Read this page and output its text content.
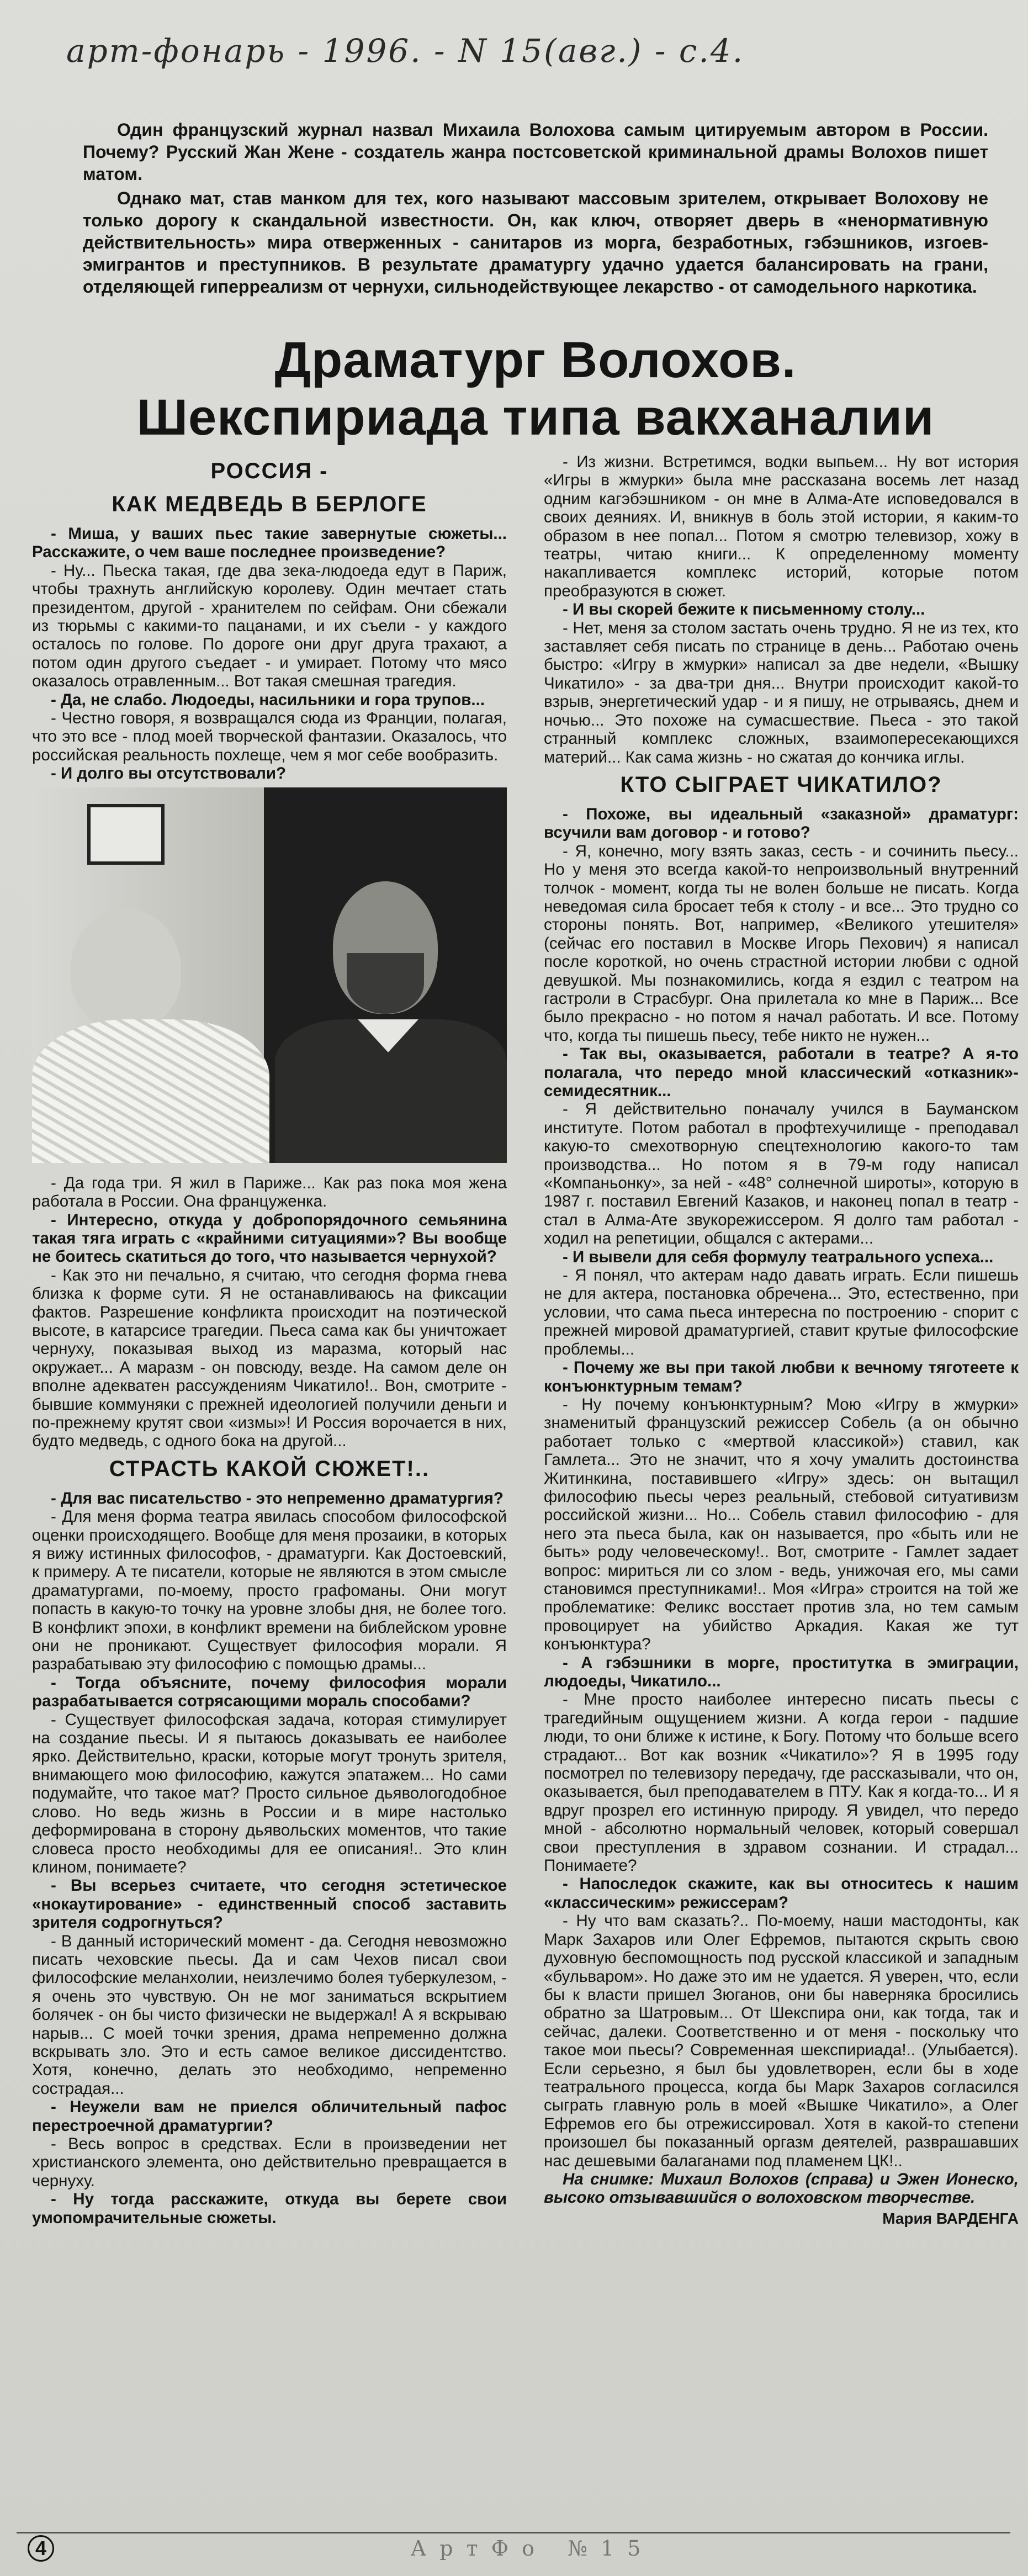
арт-фонарь - 1996. - N 15(авг.) - с.4.

Один французский журнал назвал Михаила Волохова самым цитируемым автором в России. Почему? Русский Жан Жене - создатель жанра постсоветской криминальной драмы Волохов пишет матом.

Однако мат, став манком для тех, кого называют массовым зрителем, открывает Волохову не только дорогу к скандальной известности. Он, как ключ, отворяет дверь в «ненормативную действительность» мира отверженных - санитаров из морга, безработных, гэбэшников, изгоев-эмигрантов и преступников. В результате драматургу удачно удается балансировать на грани, отделяющей гиперреализм от чернухи, сильнодействующее лекарство - от самодельного наркотика.

Драматург Волохов.
Шекспириада типа вакханалии
РОССИЯ -
КАК МЕДВЕДЬ В БЕРЛОГЕ

- Миша, у ваших пьес такие завернутые сюжеты... Расскажите, о чем ваше последнее произведение?

- Ну... Пьеска такая, где два зека-людоеда едут в Париж, чтобы трахнуть английскую королеву. Один мечтает стать президентом, другой - хранителем по сейфам. Они сбежали из тюрьмы с какими-то пацанами, и их съели - у каждого осталось по голове. По дороге они друг друга трахают, а потом один другого съедает - и умирает. Потому что мясо оказалось отравленным... Вот такая смешная трагедия.

- Да, не слабо. Людоеды, насильники и гора трупов...

- Честно говоря, я возвращался сюда из Франции, полагая, что это все - плод моей творческой фантазии. Оказалось, что российская реальность похлеще, чем я мог себе вообразить.

- И долго вы отсутствовали?

- Да года три. Я жил в Париже... Как раз пока моя жена работала в России. Она француженка.

- Интересно, откуда у добропорядочного семьянина такая тяга играть с «крайними ситуациями»? Вы вообще не боитесь скатиться до того, что называется чернухой?

- Как это ни печально, я считаю, что сегодня форма гнева близка к форме сути. Я не останавливаюсь на фиксации фактов. Разрешение конфликта происходит на поэтической высоте, в катарсисе трагедии. Пьеса сама как бы уничтожает чернуху, показывая выход из маразма, который нас окружает... А маразм - он повсюду, везде. На самом деле он вполне адекватен рассуждениям Чикатило!.. Вон, смотрите - бывшие коммуняки с прежней идеологией получили деньги и по-прежнему крутят свои «измы»! И Россия ворочается в них, будто медведь, с одного бока на другой...

СТРАСТЬ КАКОЙ СЮЖЕТ!..

- Для вас писательство - это непременно драматургия?

- Для меня форма театра явилась способом философской оценки происходящего. Вообще для меня прозаики, в которых я вижу истинных философов, - драматурги. Как Достоевский, к примеру. А те писатели, которые не являются в этом смысле драматургами, по-моему, просто графоманы. Они могут попасть в какую-то точку на уровне злобы дня, не более того. В конфликт эпохи, в конфликт времени на библейском уровне они не проникают. Существует философия морали. Я разрабатываю эту философию с помощью драмы...

- Тогда объясните, почему философия морали разрабатывается сотрясающими мораль способами?

- Существует философская задача, которая стимулирует на создание пьесы. И я пытаюсь доказывать ее наиболее ярко. Действительно, краски, которые могут тронуть зрителя, внимающего мою философию, кажутся эпатажем... Но сами подумайте, что такое мат? Просто сильное дьявологодобное слово. Но ведь жизнь в России и в мире настолько деформирована в сторону дьявольских моментов, что такие словеса просто необходимы для ее описания!.. Это клин клином, понимаете?

- Вы всерьез считаете, что сегодня эстетическое «нокаутирование» - единственный способ заставить зрителя содрогнуться?

- В данный исторический момент - да. Сегодня невозможно писать чеховские пьесы. Да и сам Чехов писал свои философские меланхолии, неизлечимо болея туберкулезом, - я очень это чувствую. Он не мог заниматься вскрытием болячек - он бы чисто физически не выдержал! А я вскрываю нарыв... С моей точки зрения, драма непременно должна вскрывать зло. Это и есть самое великое диссидентство. Хотя, конечно, делать это необходимо, непременно сострадая...

- Неужели вам не приелся обличительный пафос перестроечной драматургии?

- Весь вопрос в средствах. Если в произведении нет христианского элемента, оно действительно превращается в чернуху.

- Ну тогда расскажите, откуда вы берете свои умопомрачительные сюжеты.

- Из жизни. Встретимся, водки выпьем... Ну вот история «Игры в жмурки» была мне рассказана восемь лет назад одним кагэбэшником - он мне в Алма-Ате исповедовался в своих деяниях. И, вникнув в боль этой истории, я каким-то образом в нее попал... Потом я смотрю телевизор, хожу в театры, читаю книги... К определенному моменту накапливается комплекс историй, которые потом преобразуются в сюжет.

- И вы скорей бежите к письменному столу...

- Нет, меня за столом застать очень трудно. Я не из тех, кто заставляет себя писать по странице в день... Работаю очень быстро: «Игру в жмурки» написал за две недели, «Вышку Чикатило» - за два-три дня... Внутри происходит какой-то взрыв, энергетический удар - и я пишу, не отрываясь, днем и ночью... Это похоже на сумасшествие. Пьеса - это такой странный комплекс сложных, взаимопересекающихся материй... Как сама жизнь - но сжатая до кончика иглы.

КТО СЫГРАЕТ ЧИКАТИЛО?

- Похоже, вы идеальный «заказной» драматург: всучили вам договор - и готово?

- Я, конечно, могу взять заказ, сесть - и сочинить пьесу... Но у меня это всегда какой-то непроизвольный внутренний толчок - момент, когда ты не волен больше не писать. Когда неведомая сила бросает тебя к столу - и все... Это трудно со стороны понять. Вот, например, «Великого утешителя» (сейчас его поставил в Москве Игорь Пехович) я написал после короткой, но очень страстной истории любви с одной девушкой. Мы познакомились, когда я ездил с театром на гастроли в Страсбург. Она прилетала ко мне в Париж... Все было прекрасно - но потом я начал работать. И все. Потому что, когда ты пишешь пьесу, тебе никто не нужен...

- Так вы, оказывается, работали в театре? А я-то полагала, что передо мной классический «отказник»-семидесятник...

- Я действительно поначалу учился в Бауманском институте. Потом работал в профтехучилище - преподавал какую-то смехотворную спецтехнологию какого-то там производства... Но потом я в 79-м году написал «Компаньонку», за ней - «48° солнечной широты», которую в 1987 г. поставил Евгений Казаков, и наконец попал в театр - стал в Алма-Ате звукорежиссером. Я долго там работал - ходил на репетиции, общался с актерами...

- И вывели для себя формулу театрального успеха...

- Я понял, что актерам надо давать играть. Если пишешь не для актера, постановка обречена... Это, естественно, при условии, что сама пьеса интересна по построению - спорит с прежней мировой драматургией, ставит крутые философские проблемы...

- Почему же вы при такой любви к вечному тяготеете к конъюнктурным темам?

- Ну почему конъюнктурным? Мою «Игру в жмурки» знаменитый французский режиссер Собель (а он обычно работает только с «мертвой классикой») ставил, как Гамлета... Это не значит, что я хочу умалить достоинства Житинкина, поставившего «Игру» здесь: он вытащил философию пьесы через реальный, стебовой ситуативизм российской жизни... Но... Собель ставил философию - для него эта пьеса была, как он называется, про «быть или не быть» роду человеческому!.. Вот, смотрите - Гамлет задает вопрос: мириться ли со злом - ведь, унижочая его, мы сами становимся преступниками!.. Моя «Игра» строится на той же проблематике: Феликс восстает против зла, но тем самым провоцирует на убийство Аркадия. Какая же тут конъюнктура?

- А гэбэшники в морге, проститутка в эмиграции, людоеды, Чикатило...

- Мне просто наиболее интересно писать пьесы с трагедийным ощущением жизни. А когда герои - падшие люди, то они ближе к истине, к Богу. Потому что больше всего страдают... Вот как возник «Чикатило»? Я в 1995 году посмотрел по телевизору передачу, где рассказывали, что он, оказывается, был преподавателем в ПТУ. Как я когда-то... И я вдруг прозрел его истинную природу. Я увидел, что передо мной - абсолютно нормальный человек, который совершал свои преступления в здравом сознании. И страдал... Понимаете?

- Напоследок скажите, как вы относитесь к нашим «классическим» режиссерам?

- Ну что вам сказать?.. По-моему, наши мастодонты, как Марк Захаров или Олег Ефремов, пытаются скрыть свою духовную беспомощность под русской классикой и западным «бульваром». Но даже это им не удается. Я уверен, что, если бы к власти пришел Зюганов, они бы наверняка бросились обратно за Шатровым... От Шекспира они, как тогда, так и сейчас, далеки. Соответственно и от меня - поскольку что такое мои пьесы? Современная шекспириада!.. (Улыбается). Если серьезно, я был бы удовлетворен, если бы в ходе театрального процесса, когда бы Марк Захаров согласился сыграть главную роль в моей «Вышке Чикатило», а Олег Ефремов его бы отрежиссировал. Хотя в какой-то степени произошел бы показанный оргазм деятелей, разврашавших нас дешевыми балаганами под пламенем ЦК!..

На снимке: Михаил Волохов (справа) и Эжен Ионеско, высоко отзывавшийся о волоховском творчестве.

Мария ВАРДЕНГА

4	АртФо №15
